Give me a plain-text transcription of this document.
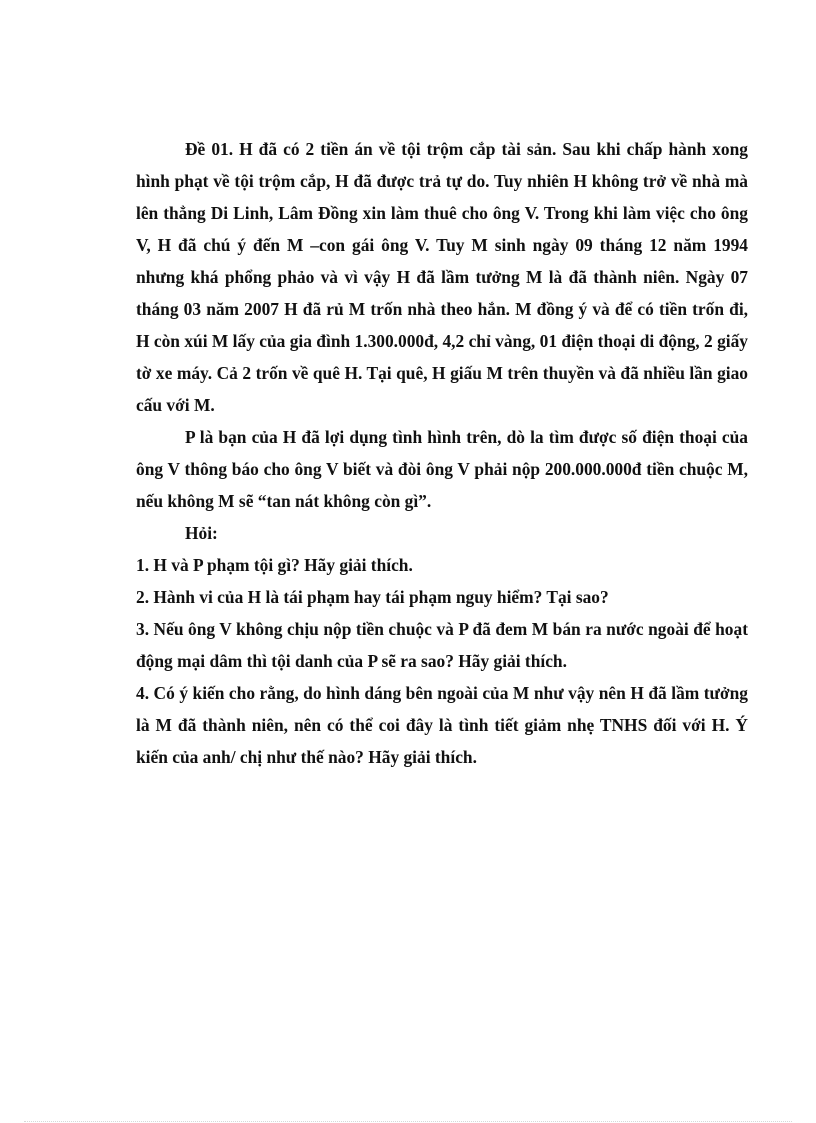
Đề 01. H đã có 2 tiền án về tội trộm cắp tài sản. Sau khi chấp hành xong hình phạt về tội trộm cắp, H đã được trả tự do. Tuy nhiên H không trở về nhà mà lên thẳng Di Linh, Lâm Đồng xin làm thuê cho ông V. Trong khi làm việc cho ông V, H đã chú ý đến M –con gái ông V. Tuy M sinh ngày 09 tháng 12 năm 1994 nhưng khá phổng phảo và vì vậy H đã lầm tưởng M là đã thành niên. Ngày 07 tháng 03 năm 2007 H đã rủ M trốn nhà theo hắn. M đồng ý và để có tiền trốn đi, H còn xúi M lấy của gia đình 1.300.000đ, 4,2 chỉ vàng, 01 điện thoại di động, 2 giấy tờ xe máy. Cả 2 trốn về quê H. Tại quê, H giấu M trên thuyền và đã nhiều lần giao cấu với M.

P là bạn của H đã lợi dụng tình hình trên, dò la tìm được số điện thoại của ông V thông báo cho ông V biết và đòi ông V phải nộp 200.000.000đ tiền chuộc M, nếu không M sẽ “tan nát không còn gì”.

Hỏi:

1. H và P phạm tội gì? Hãy giải thích.

2. Hành vi của H là tái phạm hay tái phạm nguy hiểm? Tại sao?

3. Nếu ông V không chịu nộp tiền chuộc và P đã đem M bán ra nước ngoài để hoạt động mại dâm thì tội danh của P sẽ ra sao? Hãy giải thích.

4. Có ý kiến cho rằng, do hình dáng bên ngoài của M như vậy nên H đã lầm tưởng là M đã thành niên, nên có thể coi đây là tình tiết giảm nhẹ TNHS đối với H. Ý kiến của anh/ chị như thế nào? Hãy giải thích.
